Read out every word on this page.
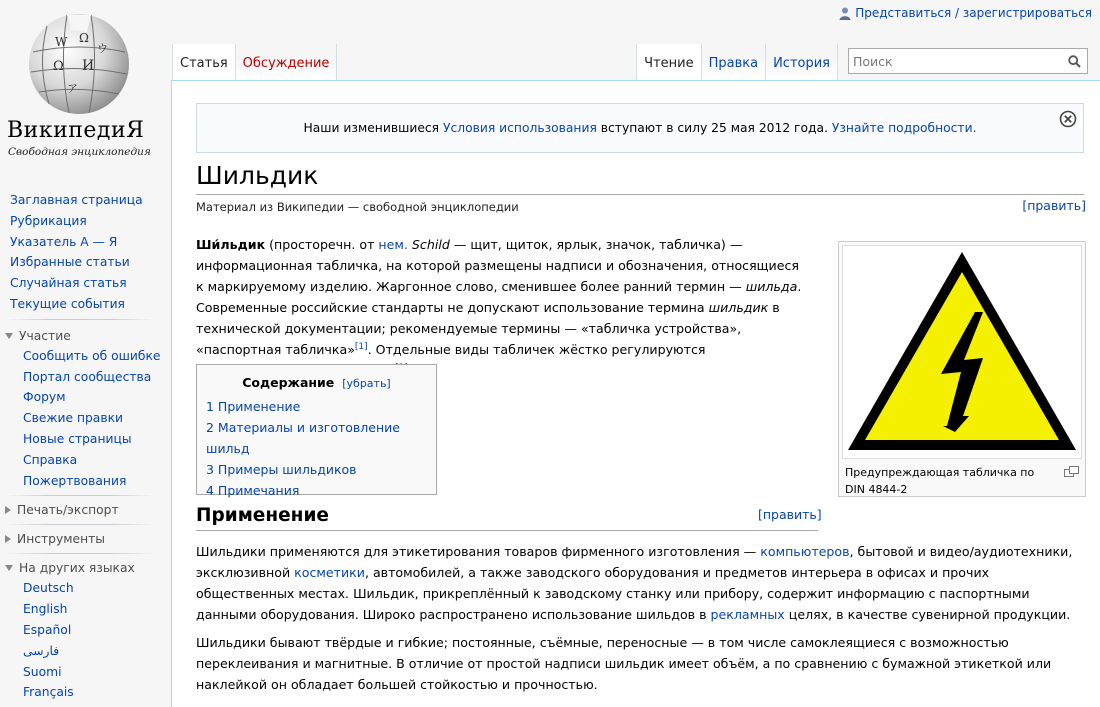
Представиться / зарегистрироваться
W Ω
Ω И
ア
ウ
ВикипедиЯ
Свободная энциклопедия
Заглавная страница
Рубрикация
Указатель А — Я
Избранные статьи
Случайная статья
Текущие события
Участие
Сообщить об ошибке
Портал сообщества
Форум
Свежие правки
Новые страницы
Справка
Пожертвования
Печать/экспорт
Инструменты
На других языках
Deutsch
English
Español
فارسی
Suomi
Français
Статья Обсуждение	Чтение Правка История Поиск
Наши изменившиеся Условия использования вступают в силу 25 мая 2012 года. Узнайте подробности.
Шильдик
Материал из Википедии — свободной энциклопедии	[править]
Ши́льдик (просторечн. от нем. Schild — щит, щиток, ярлык, значок, табличка) — информационная табличка, на которой размещены надписи и обозначения, относящиеся к маркируемому изделию. Жаргонное слово, сменившее более ранний термин — шильда. Современные российские стандарты не допускают использование термина шильдик в технической документации; рекомендуемые термины — «табличка устройства», «паспортная табличка»[1]. Отдельные виды табличек жёстко регулируются
Предупреждающая табличка по DIN 4844-2
Содержание [убрать]
1 Применение
2 Материалы и изготовление шильд
3 Примеры шильдиков
4 Примечания
Применение	[править]
Шильдики применяются для этикетирования товаров фирменного изготовления — компьютеров, бытовой и видео/аудиотехники, эксклюзивной косметики, автомобилей, а также заводского оборудования и предметов интерьера в офисах и прочих общественных местах. Шильдик, прикреплённый к заводскому станку или прибору, содержит информацию с паспортными данными оборудования. Широко распространено использование шильдов в рекламных целях, в качестве сувенирной продукции.
Шильдики бывают твёрдые и гибкие; постоянные, съёмные, переносные — в том числе самоклеящиеся с возможностью переклеивания и магнитные. В отличие от простой надписи шильдик имеет объём, а по сравнению с бумажной этикеткой или наклейкой он обладает большей стойкостью и прочностью.
